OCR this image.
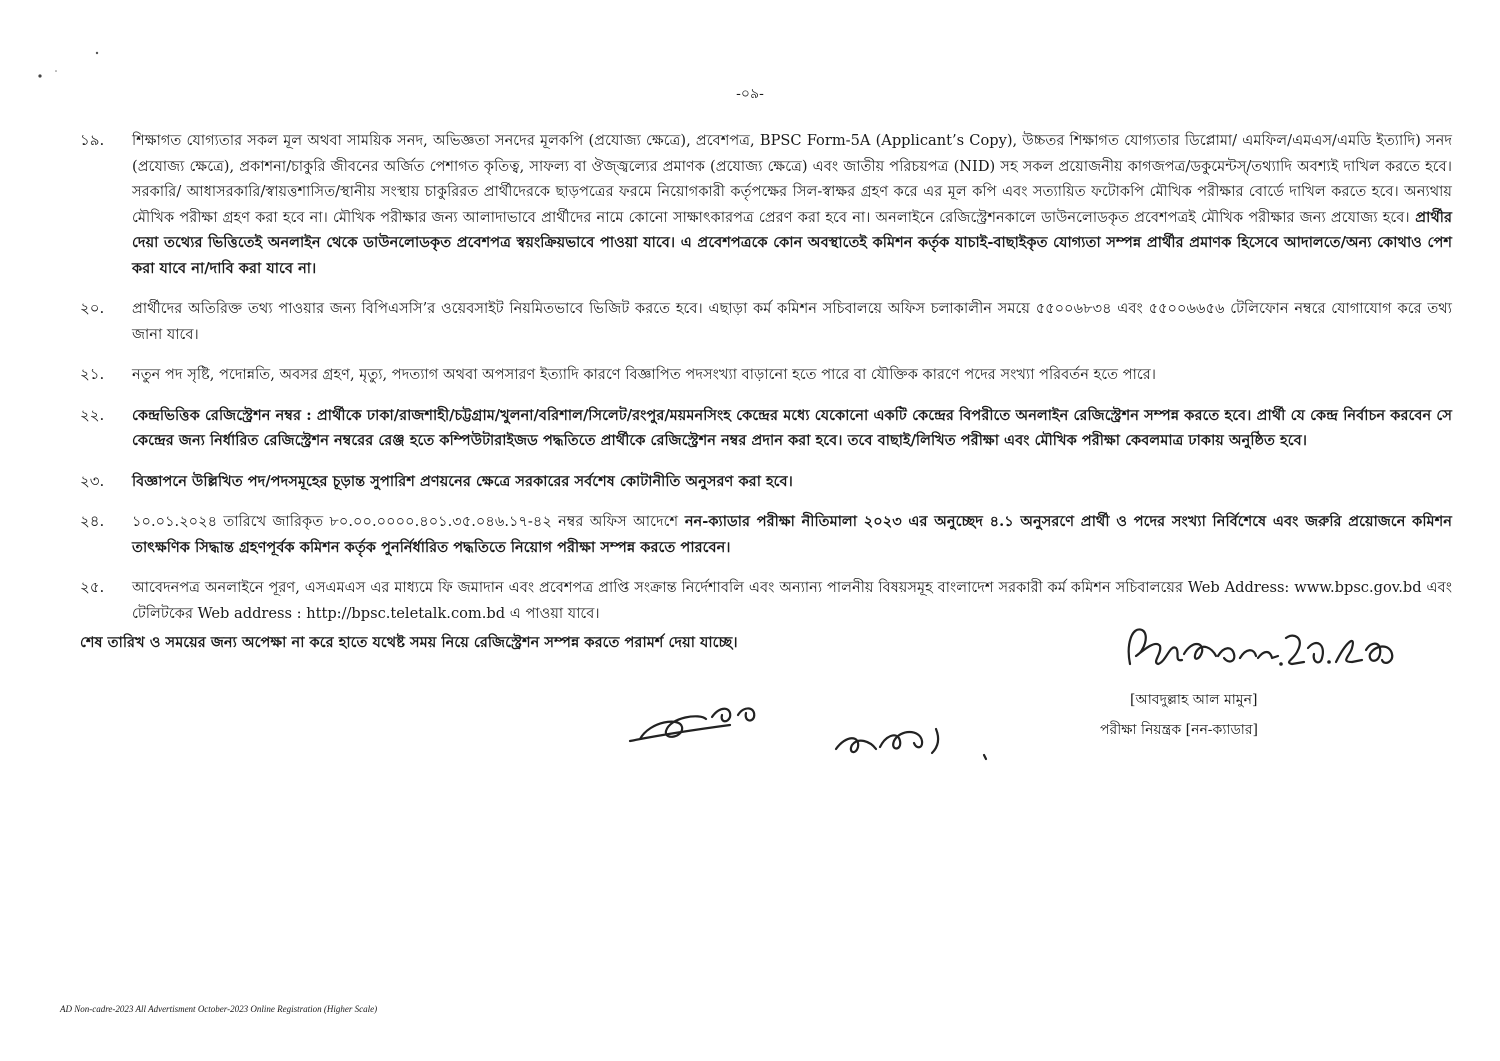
-০৯-
১৯.	শিক্ষাগত যোগ্যতার সকল মূল অথবা সাময়িক সনদ, অভিজ্ঞতা সনদের মূলকপি (প্রযোজ্য ক্ষেত্রে), প্রবেশপত্র, BPSC Form-5A (Applicant’s Copy), উচ্চতর শিক্ষাগত যোগ্যতার ডিপ্লোমা/ এমফিল/এমএস/এমডি ইত্যাদি) সনদ (প্রযোজ্য ক্ষেত্রে), প্রকাশনা/চাকুরি জীবনের অর্জিত পেশাগত কৃতিত্ব, সাফল্য বা ঔজ্জ্বল্যের প্রমাণক (প্রযোজ্য ক্ষেত্রে) এবং জাতীয় পরিচয়পত্র (NID) সহ সকল প্রয়োজনীয় কাগজপত্র/ডকুমেন্টস্/তথ্যাদি অবশ্যই দাখিল করতে হবে। সরকারি/ আধাসরকারি/স্বায়ত্তশাসিত/স্থানীয় সংস্থায় চাকুরিরত প্রার্থীদেরকে ছাড়পত্রের ফরমে নিয়োগকারী কর্তৃপক্ষের সিল-স্বাক্ষর গ্রহণ করে এর মূল কপি এবং সত্যায়িত ফটোকপি মৌখিক পরীক্ষার বোর্ডে দাখিল করতে হবে। অন্যথায় মৌখিক পরীক্ষা গ্রহণ করা হবে না। মৌখিক পরীক্ষার জন্য আলাদাভাবে প্রার্থীদের নামে কোনো সাক্ষাৎকারপত্র প্রেরণ করা হবে না। অনলাইনে রেজিস্ট্রেশনকালে ডাউনলোডকৃত প্রবেশপত্রই মৌখিক পরীক্ষার জন্য প্রযোজ্য হবে। প্রার্থীর দেয়া তথ্যের ভিত্তিতেই অনলাইন থেকে ডাউনলোডকৃত প্রবেশপত্র স্বয়ংক্রিয়ভাবে পাওয়া যাবে। এ প্রবেশপত্রকে কোন অবস্থাতেই কমিশন কর্তৃক যাচাই-বাছাইকৃত যোগ্যতা সম্পন্ন প্রার্থীর প্রমাণক হিসেবে আদালতে/অন্য কোথাও পেশ করা যাবে না/দাবি করা যাবে না।
২০.	প্রার্থীদের অতিরিক্ত তথ্য পাওয়ার জন্য বিপিএসসি’র ওয়েবসাইট নিয়মিতভাবে ভিজিট করতে হবে। এছাড়া কর্ম কমিশন সচিবালয়ে অফিস চলাকালীন সময়ে ৫৫০০৬৮৩৪ এবং ৫৫০০৬৬৫৬ টেলিফোন নম্বরে যোগাযোগ করে তথ্য জানা যাবে।
২১.	নতুন পদ সৃষ্টি, পদোন্নতি, অবসর গ্রহণ, মৃত্যু, পদত্যাগ অথবা অপসারণ ইত্যাদি কারণে বিজ্ঞাপিত পদসংখ্যা বাড়ানো হতে পারে বা যৌক্তিক কারণে পদের সংখ্যা পরিবর্তন হতে পারে।
২২.	কেন্দ্রভিত্তিক রেজিস্ট্রেশন নম্বর : প্রার্থীকে ঢাকা/রাজশাহী/চট্টগ্রাম/খুলনা/বরিশাল/সিলেট/রংপুর/ময়মনসিংহ কেন্দ্রের মধ্যে যেকোনো একটি কেন্দ্রের বিপরীতে অনলাইন রেজিস্ট্রেশন সম্পন্ন করতে হবে। প্রার্থী যে কেন্দ্র নির্বাচন করবেন সে কেন্দ্রের জন্য নির্ধারিত রেজিস্ট্রেশন নম্বরের রেঞ্জ হতে কম্পিউটারাইজড পদ্ধতিতে প্রার্থীকে রেজিস্ট্রেশন নম্বর প্রদান করা হবে। তবে বাছাই/লিখিত পরীক্ষা এবং মৌখিক পরীক্ষা কেবলমাত্র ঢাকায় অনুষ্ঠিত হবে।
২৩.	বিজ্ঞাপনে উল্লিখিত পদ/পদসমূহের চূড়ান্ত সুপারিশ প্রণয়নের ক্ষেত্রে সরকারের সর্বশেষ কোটানীতি অনুসরণ করা হবে।
২৪.	১০.০১.২০২৪ তারিখে জারিকৃত ৮০.০০.০০০০.৪০১.৩৫.০৪৬.১৭-৪২ নম্বর অফিস আদেশে নন-ক্যাডার পরীক্ষা নীতিমালা ২০২৩ এর অনুচ্ছেদ ৪.১ অনুসরণে প্রার্থী ও পদের সংখ্যা নির্বিশেষে এবং জরুরি প্রয়োজনে কমিশন তাৎক্ষণিক সিদ্ধান্ত গ্রহণপূর্বক কমিশন কর্তৃক পুনর্নির্ধারিত পদ্ধতিতে নিয়োগ পরীক্ষা সম্পন্ন করতে পারবেন।
২৫.	আবেদনপত্র অনলাইনে পূরণ, এসএমএস এর মাধ্যমে ফি জমাদান এবং প্রবেশপত্র প্রাপ্তি সংক্রান্ত নির্দেশাবলি এবং অন্যান্য পালনীয় বিষয়সমূহ বাংলাদেশ সরকারী কর্ম কমিশন সচিবালয়ের Web Address: www.bpsc.gov.bd এবং টেলিটকের Web address : http://bpsc.teletalk.com.bd এ পাওয়া যাবে।
শেষ তারিখ ও সময়ের জন্য অপেক্ষা না করে হাতে যথেষ্ট সময় নিয়ে রেজিস্ট্রেশন সম্পন্ন করতে পরামর্শ দেয়া যাচ্ছে।
[আবদুল্লাহ আল মামুন]
পরীক্ষা নিয়ন্ত্রক [নন-ক্যাডার]
AD Non-cadre-2023 All Advertisment October-2023 Online Registration (Higher Scale)
